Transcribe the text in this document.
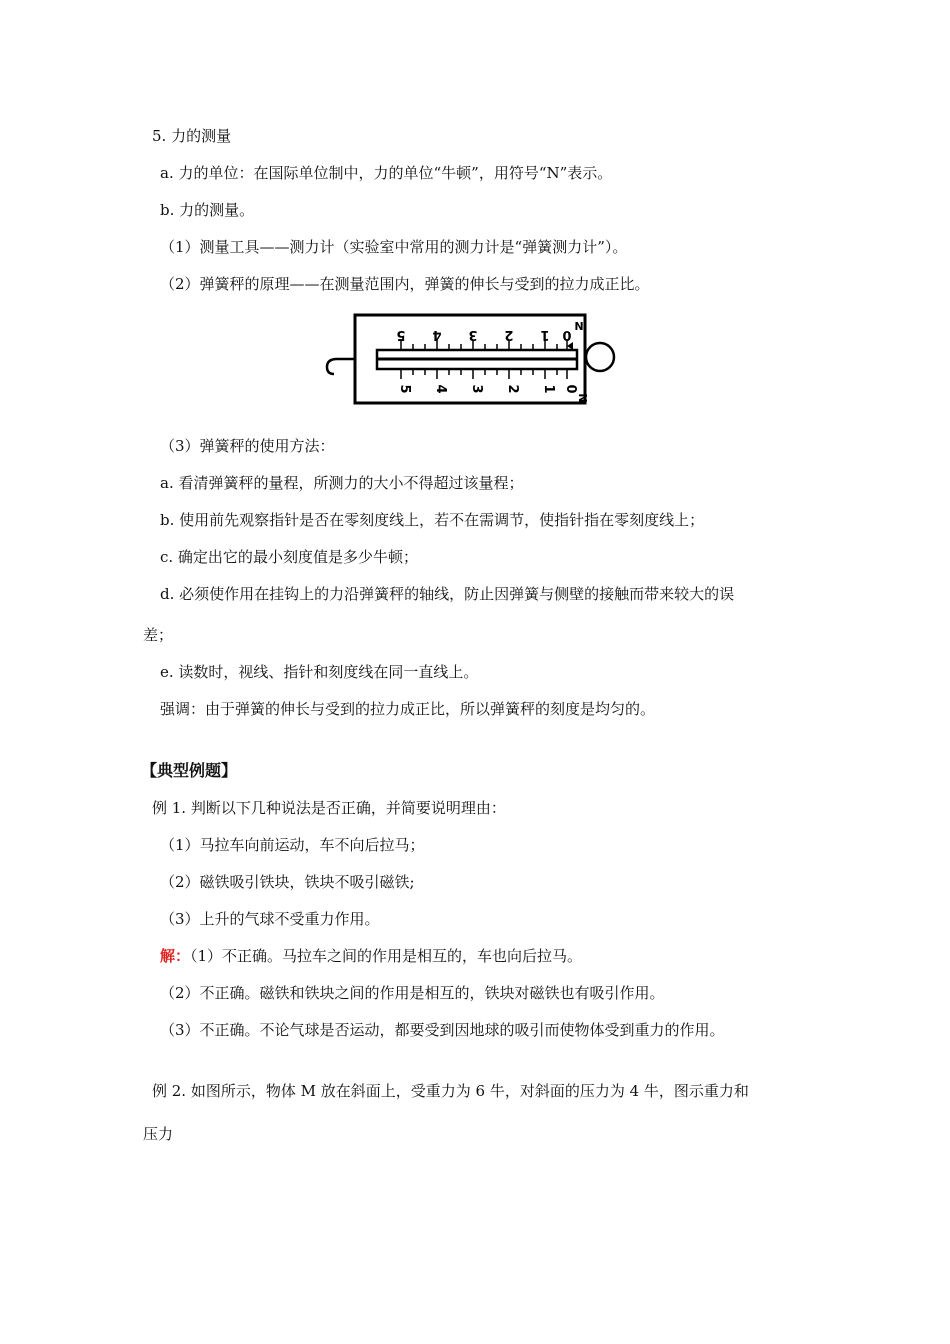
5. 力的测量
a. 力的单位：在国际单位制中，力的单位“牛顿”，用符号“N”表示。
b. 力的测量。
（1）测量工具——测力计（实验室中常用的测力计是“弹簧测力计”）。
（2）弹簧秤的原理——在测量范围内，弹簧的伸长与受到的拉力成正比。
5 4 3 2 1 0
N
5 4 3 2 1 0
N
（3）弹簧秤的使用方法：
a. 看清弹簧秤的量程，所测力的大小不得超过该量程；
b. 使用前先观察指针是否在零刻度线上，若不在需调节，使指针指在零刻度线上；
c. 确定出它的最小刻度值是多少牛顿；
d. 必须使作用在挂钩上的力沿弹簧秤的轴线，防止因弹簧与侧壁的接触而带来较大的误
差；
e. 读数时，视线、指针和刻度线在同一直线上。
强调：由于弹簧的伸长与受到的拉力成正比，所以弹簧秤的刻度是均匀的。
【典型例题】
例 1. 判断以下几种说法是否正确，并简要说明理由：
（1）马拉车向前运动，车不向后拉马；
（2）磁铁吸引铁块，铁块不吸引磁铁;
（3）上升的气球不受重力作用。
解：（1）不正确。马拉车之间的作用是相互的，车也向后拉马。
（2）不正确。磁铁和铁块之间的作用是相互的，铁块对磁铁也有吸引作用。
（3）不正确。不论气球是否运动，都要受到因地球的吸引而使物体受到重力的作用。
例 2. 如图所示，物体 M 放在斜面上，受重力为 6 牛，对斜面的压力为 4 牛，图示重力和
压力
